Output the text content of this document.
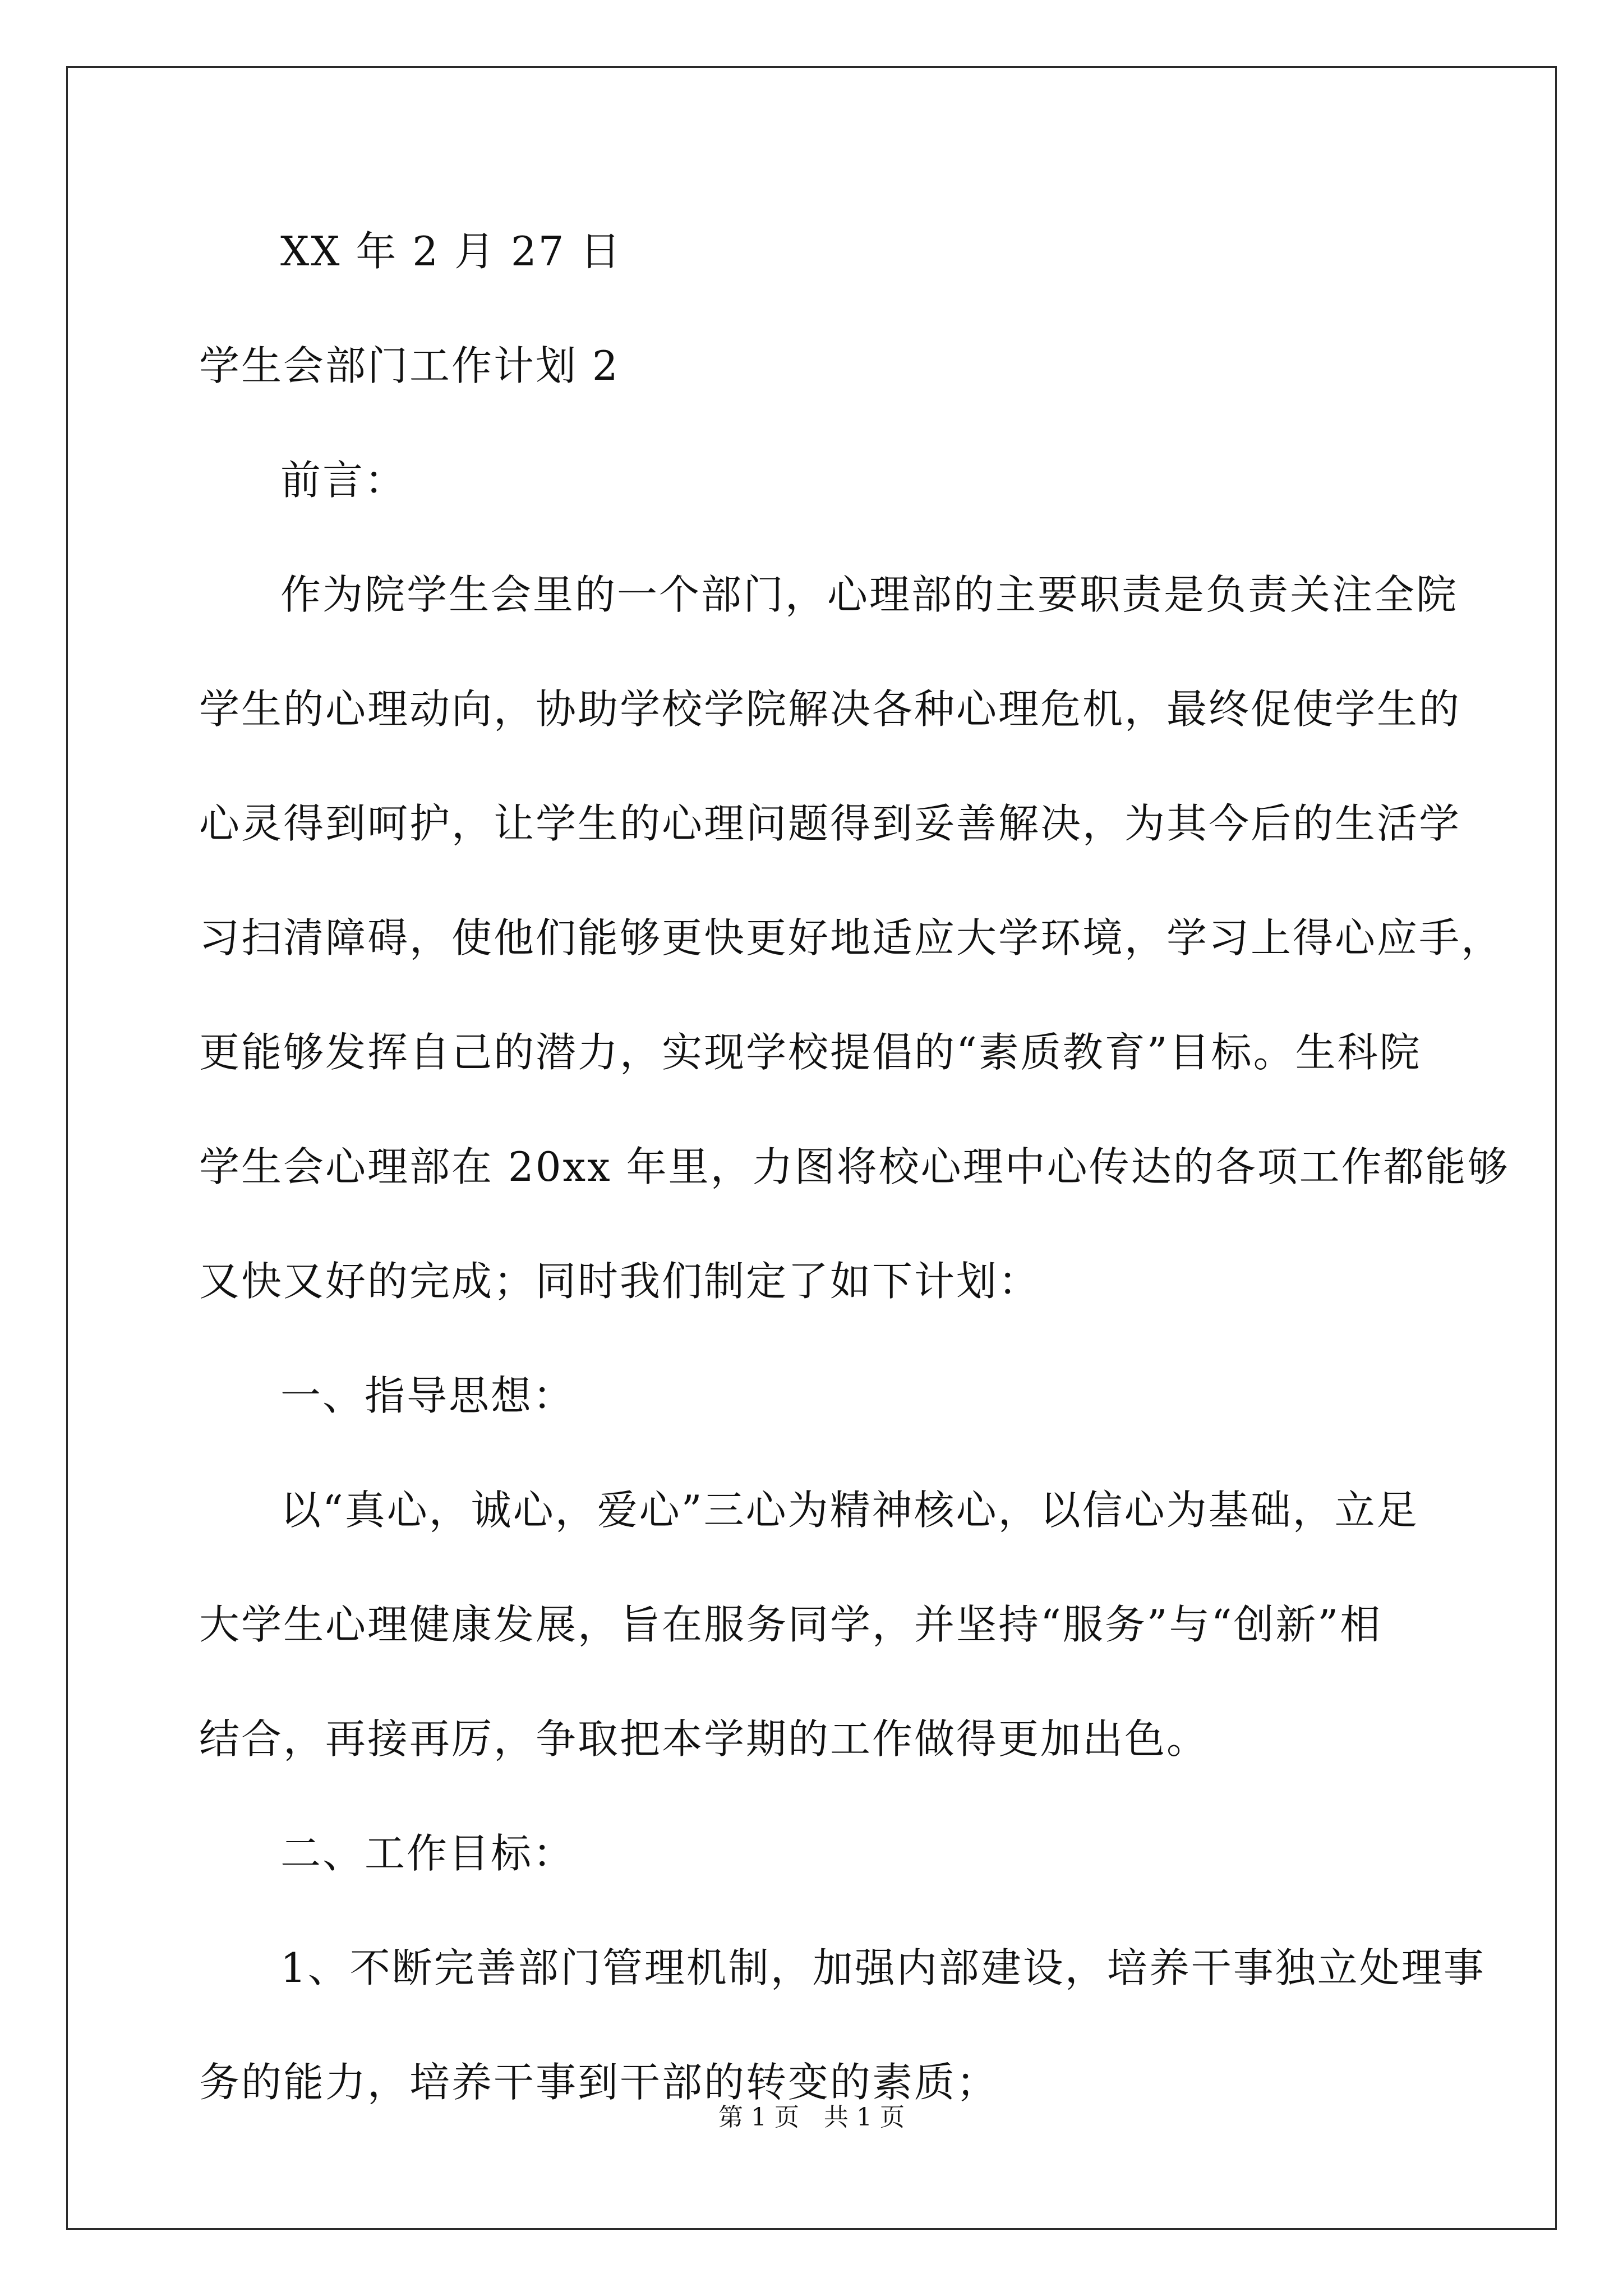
XX 年 2 月 27 日
学生会部门工作计划 2
前言：
作为院学生会里的一个部门，心理部的主要职责是负责关注全院
学生的心理动向，协助学校学院解决各种心理危机，最终促使学生的
心灵得到呵护，让学生的心理问题得到妥善解决，为其今后的生活学
习扫清障碍，使他们能够更快更好地适应大学环境，学习上得心应手，
更能够发挥自己的潜力，实现学校提倡的“素质教育”目标。生科院
学生会心理部在 20xx 年里，力图将校心理中心传达的各项工作都能够
又快又好的完成；同时我们制定了如下计划：
一、指导思想：
以“真心，诚心，爱心”三心为精神核心，以信心为基础，立足
大学生心理健康发展，旨在服务同学，并坚持“服务”与“创新”相
结合，再接再厉，争取把本学期的工作做得更加出色。
二、工作目标：
1、不断完善部门管理机制，加强内部建设，培养干事独立处理事
务的能力，培养干事到干部的转变的素质；
第 1 页　共 1 页
